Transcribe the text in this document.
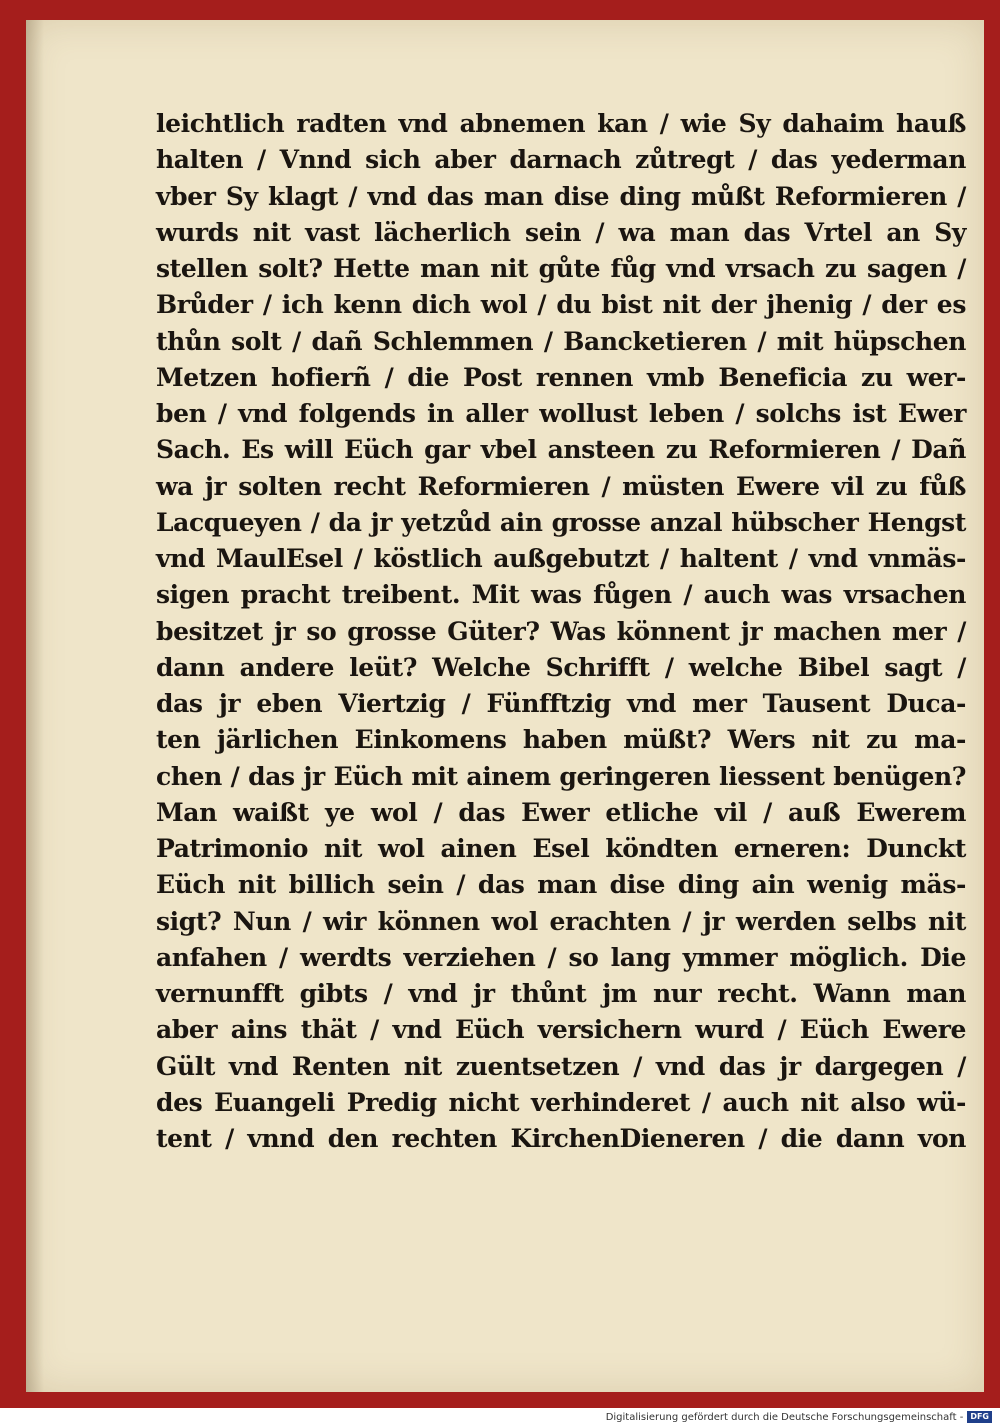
leichtlich radten vnd abnemen kan / wie Sy dahaim hauß
halten / Vnnd sich aber darnach zůtregt / das yederman
vber Sy klagt / vnd das man dise ding můßt Reformieren /
wurds nit vast lächerlich sein / wa man das Vrtel an Sy
stellen solt? Hette man nit gůte fůg vnd vrsach zu sagen /
Brůder / ich kenn dich wol / du bist nit der jhenig / der es
thůn solt / dañ Schlemmen / Bancketieren / mit hüpschen
Metzen hofierñ / die Post rennen vmb Beneficia zu wer-
ben / vnd folgends in aller wollust leben / solchs ist Ewer
Sach. Es will Eüch gar vbel ansteen zu Reformieren / Dañ
wa jr solten recht Reformieren / müsten Ewere vil zu fůß
Lacqueyen / da jr yetzůd ain grosse anzal hübscher Hengst
vnd MaulEsel / köstlich außgebutzt / haltent / vnd vnmäs-
sigen pracht treibent. Mit was fůgen / auch was vrsachen
besitzet jr so grosse Güter? Was könnent jr machen mer /
dann andere leüt? Welche Schrifft / welche Bibel sagt /
das jr eben Viertzig / Fünfftzig vnd mer Tausent Duca-
ten järlichen Einkomens haben müßt? Wers nit zu ma-
chen / das jr Eüch mit ainem geringeren liessent benügen?
Man waißt ye wol / das Ewer etliche vil / auß Ewerem
Patrimonio nit wol ainen Esel köndten erneren: Dunckt
Eüch nit billich sein / das man dise ding ain wenig mäs-
sigt? Nun / wir können wol erachten / jr werden selbs nit
anfahen / werdts verziehen / so lang ymmer möglich. Die
vernunfft gibts / vnd jr thůnt jm nur recht. Wann man
aber ains thät / vnd Eüch versichern wurd / Eüch Ewere
Gült vnd Renten nit zuentsetzen / vnd das jr dargegen /
des Euangeli Predig nicht verhinderet / auch nit also wü-
tent / vnnd den rechten KirchenDieneren / die dann von
Digitalisierung gefördert durch die Deutsche Forschungsgemeinschaft - DFG
